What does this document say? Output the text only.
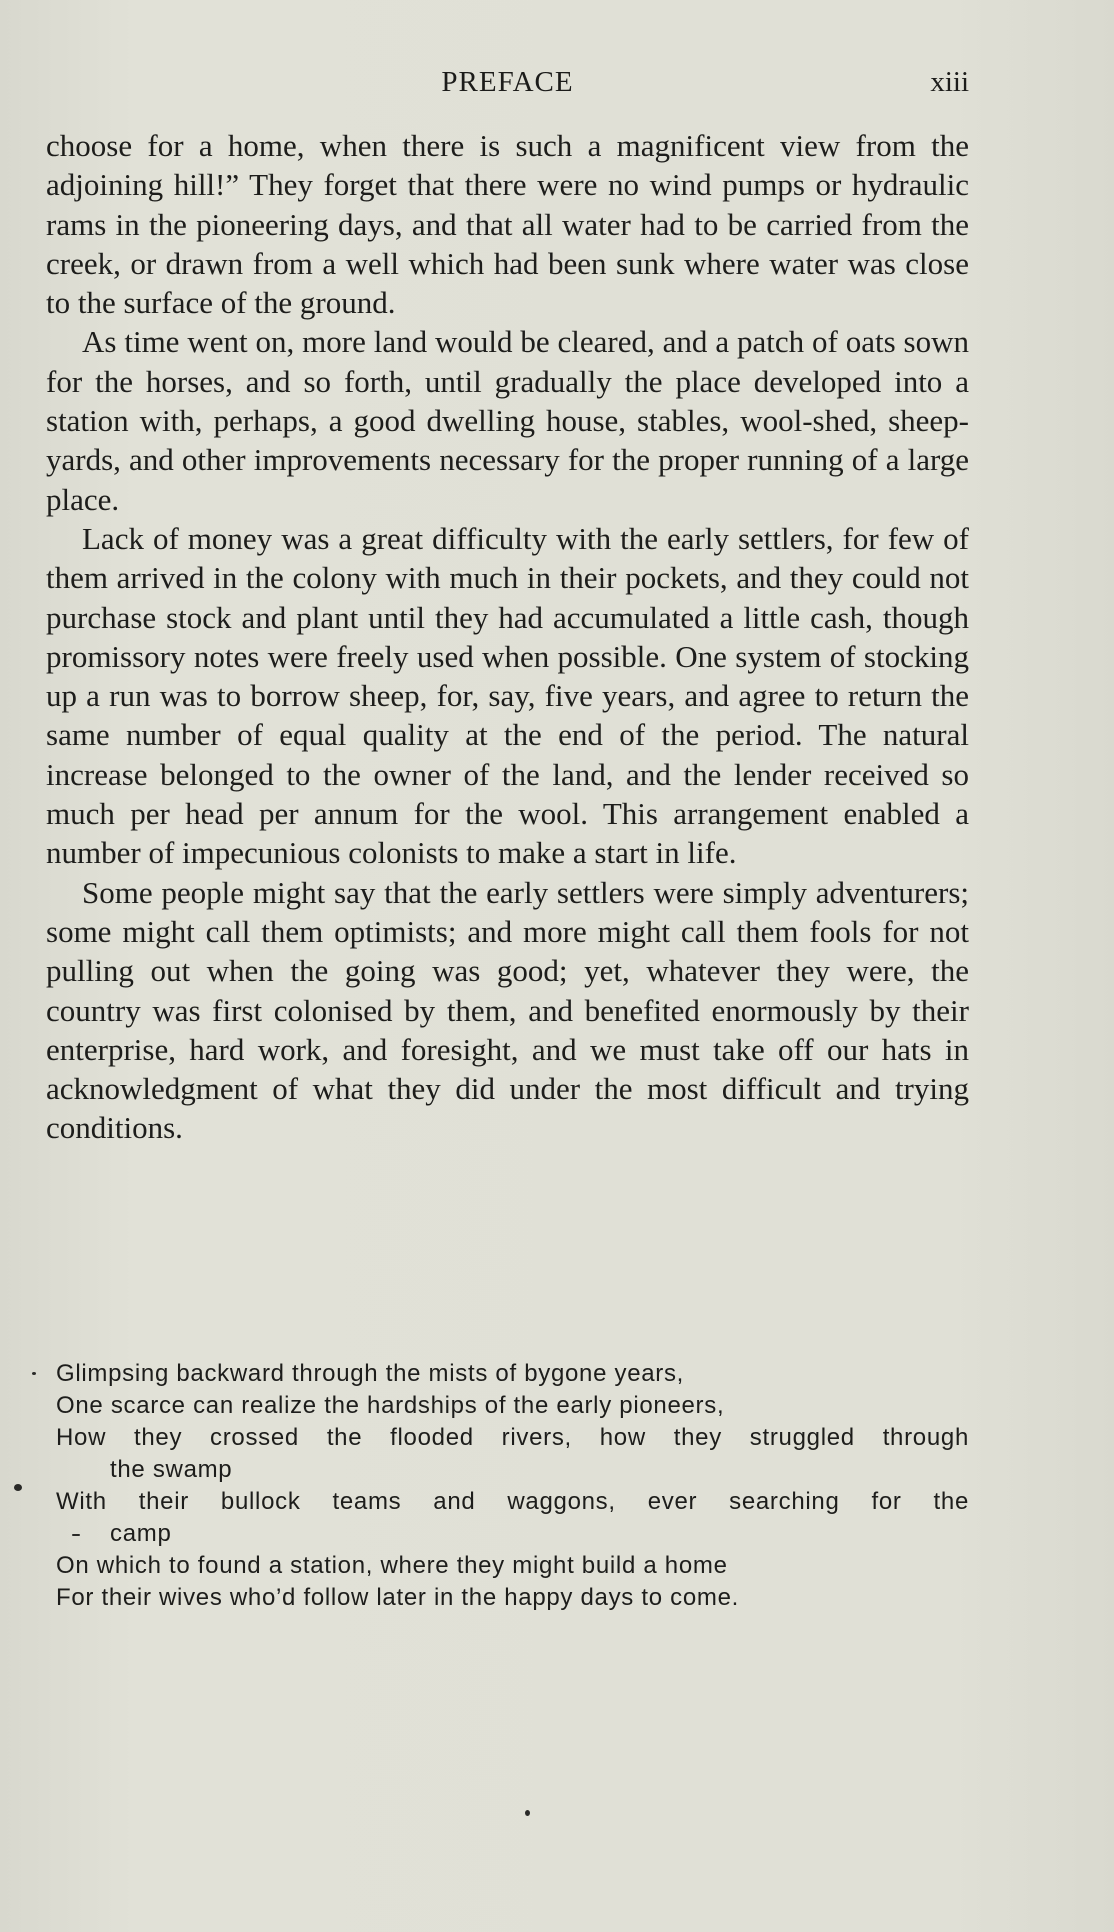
PREFACE	xiii

choose for a home, when there is such a magnificent view from the adjoining hill!” They forget that there were no wind pumps or hydraulic rams in the pioneering days, and that all water had to be carried from the creek, or drawn from a well which had been sunk where water was close to the surface of the ground.

As time went on, more land would be cleared, and a patch of oats sown for the horses, and so forth, until gradually the place developed into a station with, perhaps, a good dwelling house, stables, wool-shed, sheep-yards, and other improvements necessary for the proper running of a large place.

Lack of money was a great difficulty with the early settlers, for few of them arrived in the colony with much in their pockets, and they could not purchase stock and plant until they had accumulated a little cash, though promissory notes were freely used when possible. One system of stocking up a run was to borrow sheep, for, say, five years, and agree to return the same number of equal quality at the end of the period. The natural increase belonged to the owner of the land, and the lender received so much per head per annum for the wool. This arrangement enabled a number of impecunious colonists to make a start in life.

Some people might say that the early settlers were simply adventurers; some might call them optimists; and more might call them fools for not pulling out when the going was good; yet, whatever they were, the country was first colonised by them, and benefited enormously by their enterprise, hard work, and foresight, and we must take off our hats in acknowledgment of what they did under the most difficult and trying conditions.

Glimpsing backward through the mists of bygone years,
One scarce can realize the hardships of the early pioneers,
How they crossed the flooded rivers, how they struggled through
the swamp
With their bullock teams and waggons, ever searching for the
camp
On which to found a station, where they might build a home
For their wives who’d follow later in the happy days to come.
